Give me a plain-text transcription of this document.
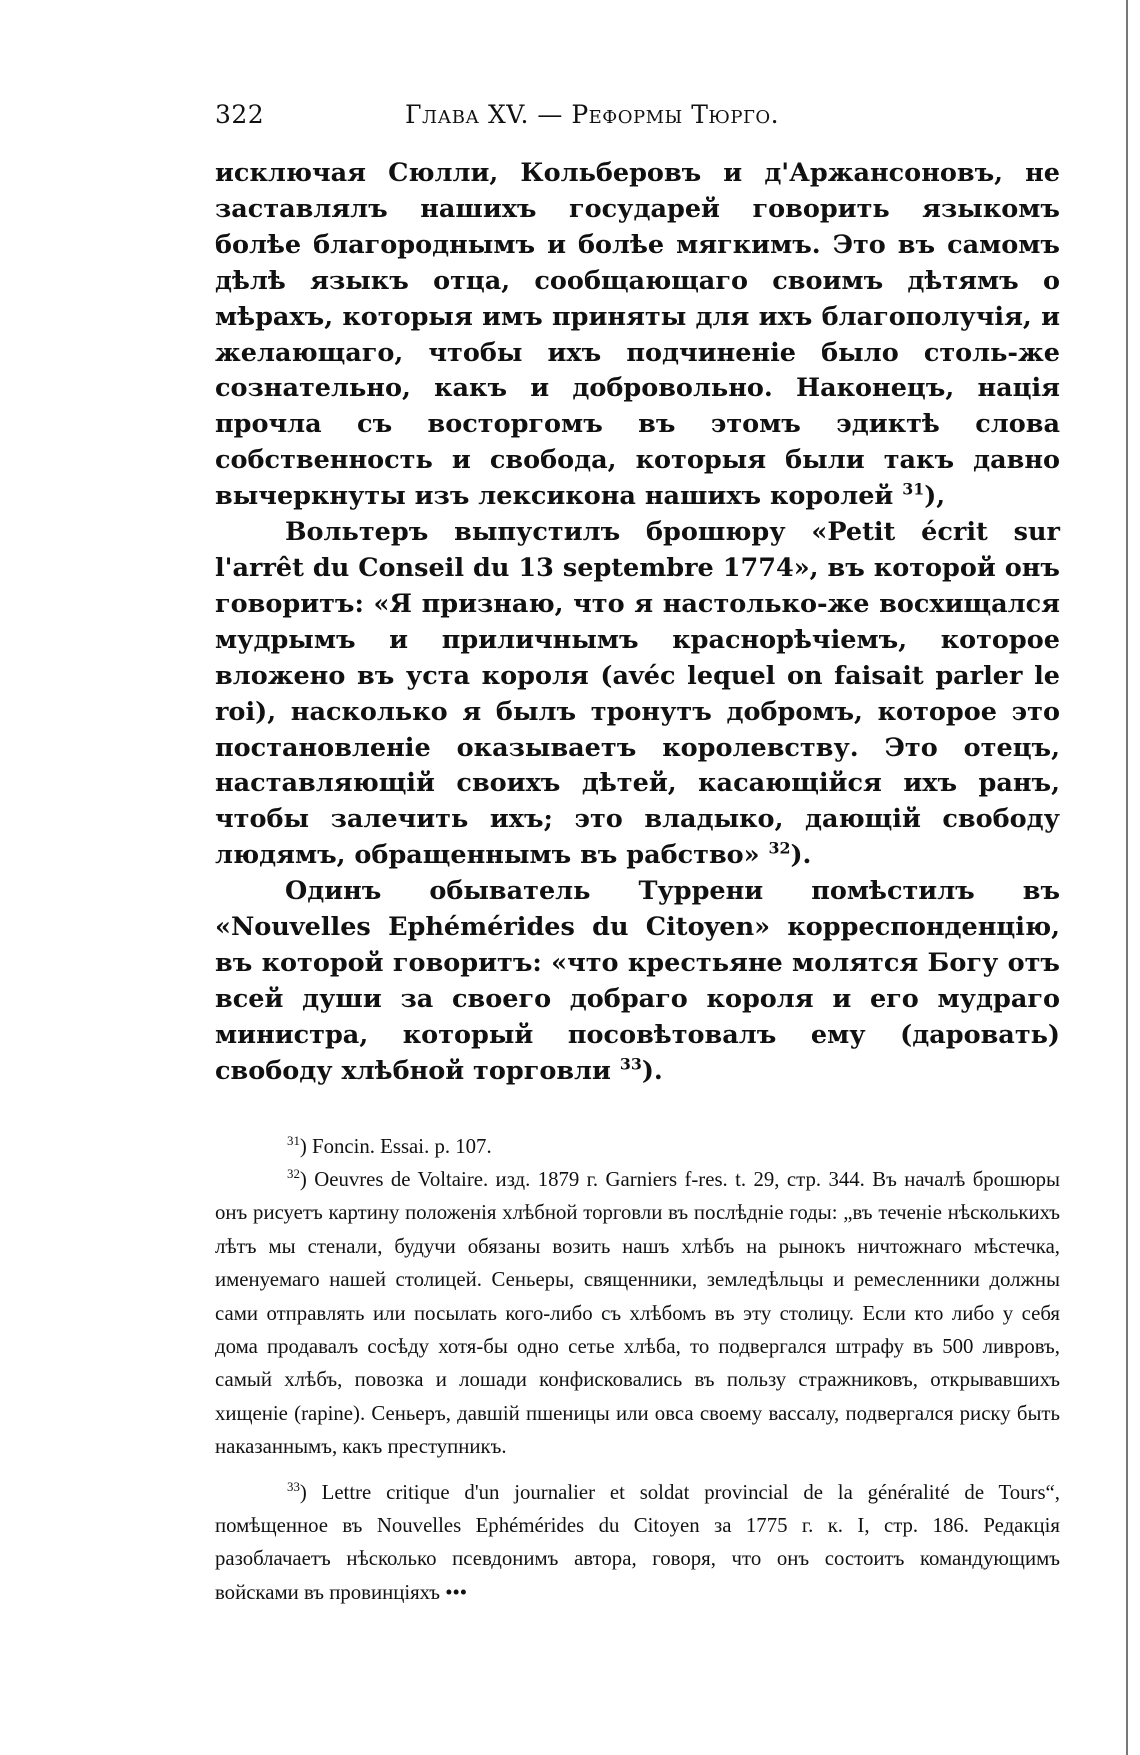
322	Глава XV. — Реформы Тюрго.

исключая Сюлли, Кольберовъ и д'Аржансоновъ, не заставлялъ нашихъ государей говорить языкомъ болѣе благороднымъ и болѣе мягкимъ. Это въ самомъ дѣлѣ языкъ отца, сообщающаго своимъ дѣтямъ о мѣрахъ, которыя имъ приняты для ихъ благополучія, и желающаго, чтобы ихъ подчиненіе было столь-же сознательно, какъ и добровольно. Наконецъ, нація прочла съ восторгомъ въ этомъ эдиктѣ слова собственность и свобода, которыя были такъ давно вычеркнуты изъ лексикона нашихъ королей $^{31}$),

Вольтеръ выпустилъ брошюру «Petit écrit sur l'arrêt du Conseil du 13 septembre 1774», въ которой онъ говоритъ: «Я признаю, что я настолько-же восхищался мудрымъ и приличнымъ краснорѣчіемъ, которое вложено въ уста короля (avéc lequel on faisait parler le roi), насколько я былъ тронутъ добромъ, которое это постановленіе оказываетъ королевству. Это отецъ, наставляющій своихъ дѣтей, касающійся ихъ ранъ, чтобы залечить ихъ; это владыко, дающій свободу людямъ, обращеннымъ въ рабство» $^{32}$).

Одинъ обыватель Туррени помѣстилъ въ «Nouvelles Ephémérides du Citoyen» корреспонденцію, въ которой говоритъ: «что крестьяне молятся Богу отъ всей души за своего добраго короля и его мудраго министра, который посовѣтовалъ ему (даровать) свободу хлѣбной торговли $^{33}$).

$^{31}$) Foncin. Essai. p. 107.

$^{32}$) Oeuvres de Voltaire. изд. 1879 г. Garniers f-res. t. 29, стр. 344. Въ началѣ брошюры онъ рисуетъ картину положенія хлѣбной торговли въ послѣдніе годы: „въ теченіе нѣсколькихъ лѣтъ мы стенали, будучи обязаны возить нашъ хлѣбъ на рынокъ ничтожнаго мѣстечка, именуемаго нашей столицей. Сеньеры, священники, земледѣльцы и ремесленники должны сами отправлять или посылать кого-либо съ хлѣбомъ въ эту столицу. Если кто либо у себя дома продавалъ сосѣду хотя-бы одно сетье хлѣба, то подвергался штрафу въ 500 ливровъ, самый хлѣбъ, повозка и лошади конфисковались въ пользу стражниковъ, открывавшихъ хищеніе (rapine). Сеньеръ, давшій пшеницы или овса своему вассалу, подвергался риску быть наказаннымъ, какъ преступникъ.

$^{33}$) Lettre critique d'un journalier et soldat provincial de la généralité de Tours“, помѣщенное въ Nouvelles Ephémérides du Citoyen за 1775 г. к. I, стр. 186. Редакція разоблачаетъ нѣсколько псевдонимъ автора, говоря, что онъ состоитъ командующимъ войсками въ провинціяхъ •••
